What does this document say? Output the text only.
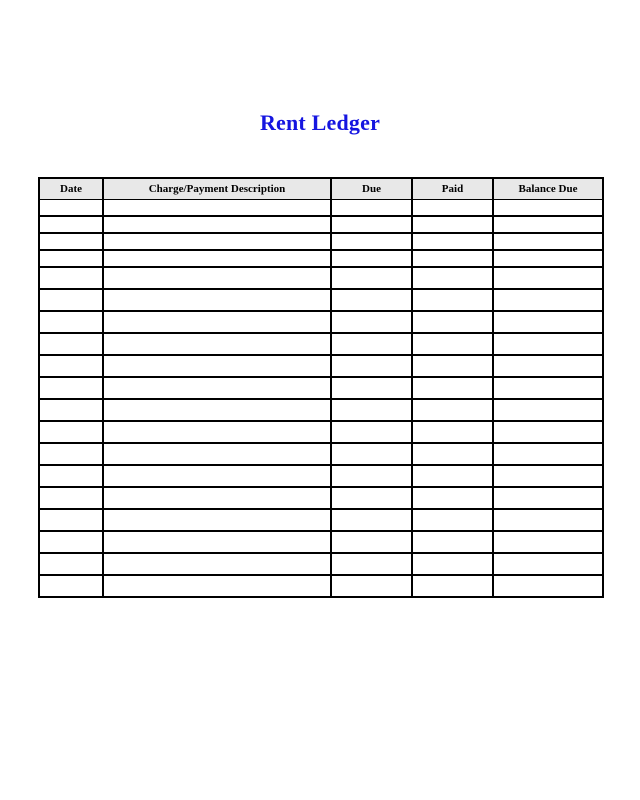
Rent Ledger
Date	Charge/Payment Description	Due	Paid	Balance Due
